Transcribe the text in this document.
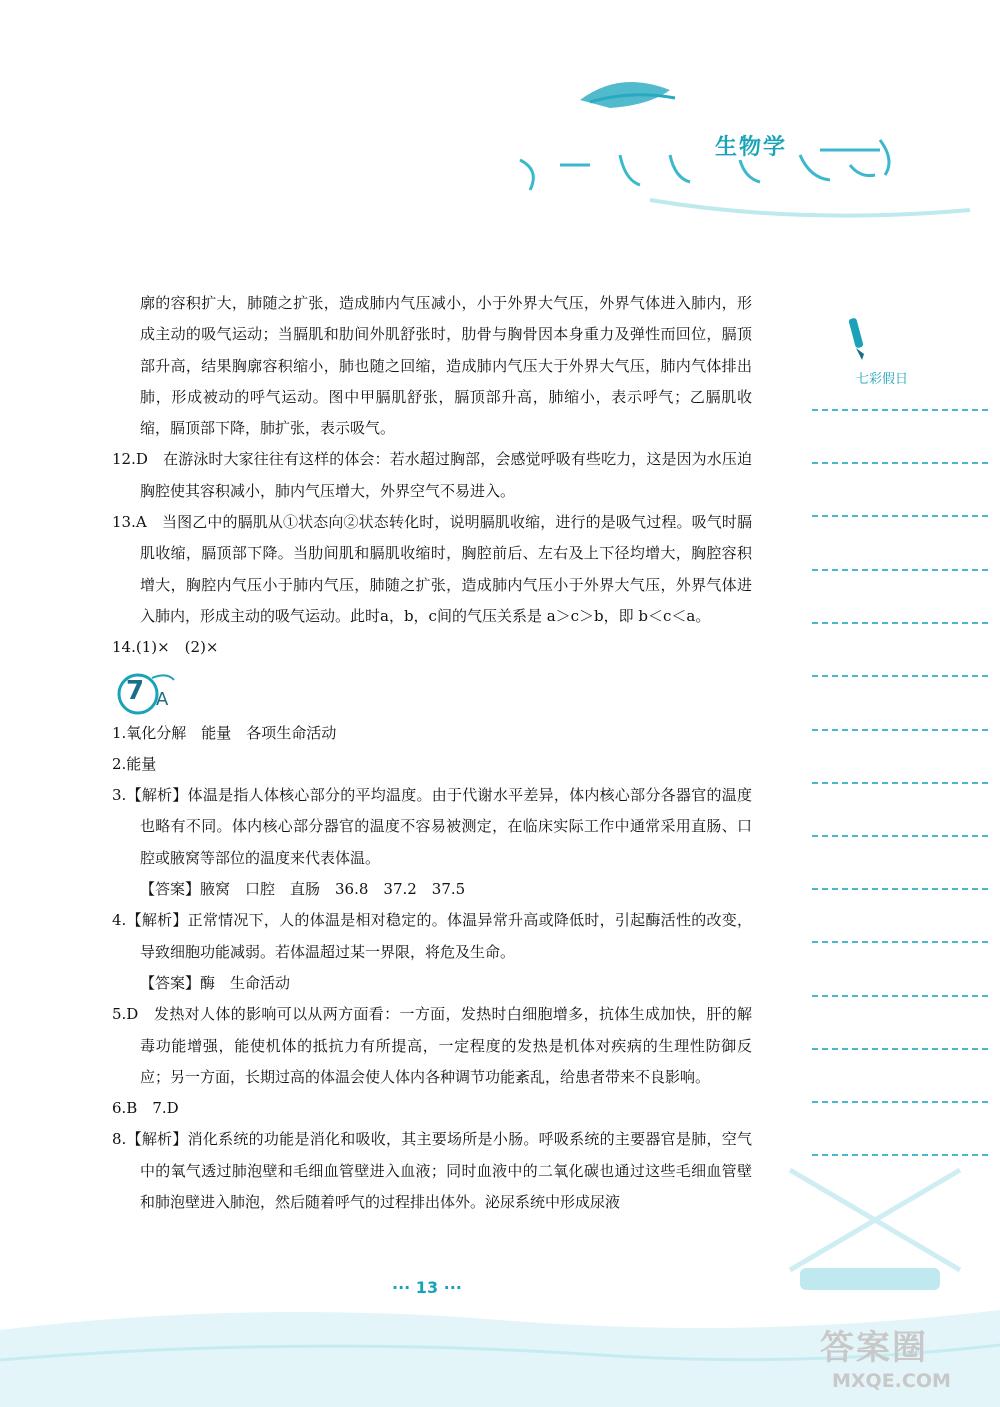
生物学
七彩假日

廓的容积扩大，肺随之扩张，造成肺内气压减小，小于外界大气压，外界气体进入肺内，形成主动的吸气运动；当膈肌和肋间外肌舒张时，肋骨与胸骨因本身重力及弹性而回位，膈顶部升高，结果胸廓容积缩小，肺也随之回缩，造成肺内气压大于外界大气压，肺内气体排出肺，形成被动的呼气运动。图中甲膈肌舒张，膈顶部升高，肺缩小，表示呼气；乙膈肌收缩，膈顶部下降，肺扩张，表示吸气。

12.D　在游泳时大家往往有这样的体会：若水超过胸部，会感觉呼吸有些吃力，这是因为水压迫胸腔使其容积减小，肺内气压增大，外界空气不易进入。

13.A　当图乙中的膈肌从①状态向②状态转化时，说明膈肌收缩，进行的是吸气过程。吸气时膈肌收缩，膈顶部下降。当肋间肌和膈肌收缩时，胸腔前后、左右及上下径均增大，胸腔容积增大，胸腔内气压小于肺内气压，肺随之扩张，造成肺内气压小于外界大气压，外界气体进入肺内，形成主动的吸气运动。此时a，b，c间的气压关系是 a＞c＞b，即 b＜c＜a。

14.(1)×　(2)×

7 A

1.氧化分解　能量　各项生命活动

2.能量

3.【解析】体温是指人体核心部分的平均温度。由于代谢水平差异，体内核心部分各器官的温度也略有不同。体内核心部分器官的温度不容易被测定，在临床实际工作中通常采用直肠、口腔或腋窝等部位的温度来代表体温。

【答案】腋窝　口腔　直肠　36.8　37.2　37.5

4.【解析】正常情况下，人的体温是相对稳定的。体温异常升高或降低时，引起酶活性的改变，导致细胞功能减弱。若体温超过某一界限，将危及生命。

【答案】酶　生命活动

5.D　发热对人体的影响可以从两方面看：一方面，发热时白细胞增多，抗体生成加快，肝的解毒功能增强，能使机体的抵抗力有所提高，一定程度的发热是机体对疾病的生理性防御反应；另一方面，长期过高的体温会使人体内各种调节功能紊乱，给患者带来不良影响。

6.B　7.D

8.【解析】消化系统的功能是消化和吸收，其主要场所是小肠。呼吸系统的主要器官是肺，空气中的氧气透过肺泡壁和毛细血管壁进入血液；同时血液中的二氧化碳也通过这些毛细血管壁和肺泡壁进入肺泡，然后随着呼气的过程排出体外。泌尿系统中形成尿液

··· 13 ···
答案圈
MXQE.COM
